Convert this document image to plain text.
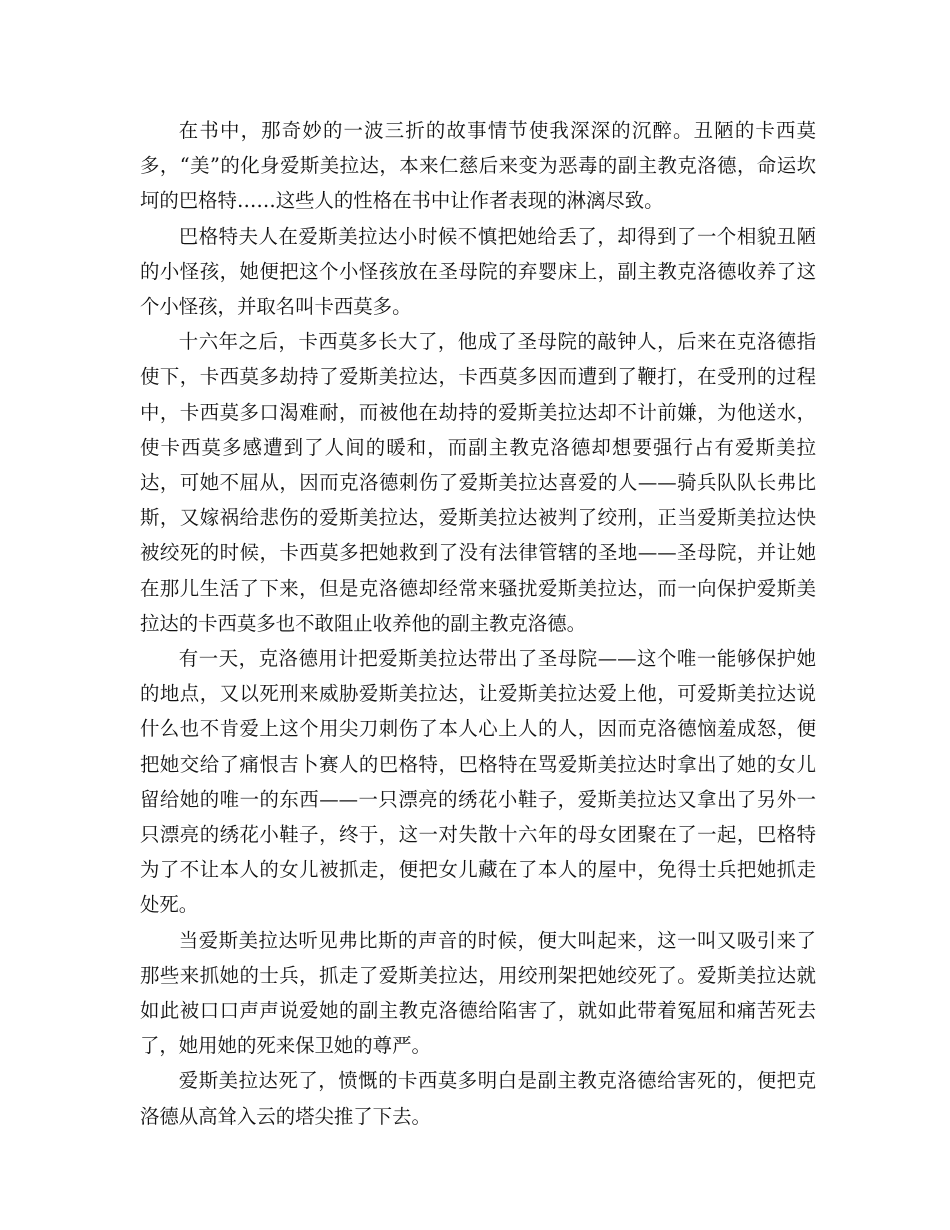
在书中，那奇妙的一波三折的故事情节使我深深的沉醉。丑陋的卡西莫多，“美”的化身爱斯美拉达，本来仁慈后来变为恶毒的副主教克洛德，命运坎坷的巴格特……这些人的性格在书中让作者表现的淋漓尽致。

巴格特夫人在爱斯美拉达小时候不慎把她给丢了，却得到了一个相貌丑陋的小怪孩，她便把这个小怪孩放在圣母院的弃婴床上，副主教克洛德收养了这个小怪孩，并取名叫卡西莫多。

十六年之后，卡西莫多长大了，他成了圣母院的敲钟人，后来在克洛德指使下，卡西莫多劫持了爱斯美拉达，卡西莫多因而遭到了鞭打，在受刑的过程中，卡西莫多口渴难耐，而被他在劫持的爱斯美拉达却不计前嫌，为他送水，使卡西莫多感遭到了人间的暖和，而副主教克洛德却想要强行占有爱斯美拉达，可她不屈从，因而克洛德刺伤了爱斯美拉达喜爱的人——骑兵队队长弗比斯，又嫁祸给悲伤的爱斯美拉达，爱斯美拉达被判了绞刑，正当爱斯美拉达快被绞死的时候，卡西莫多把她救到了没有法律管辖的圣地——圣母院，并让她在那儿生活了下来，但是克洛德却经常来骚扰爱斯美拉达，而一向保护爱斯美拉达的卡西莫多也不敢阻止收养他的副主教克洛德。

有一天，克洛德用计把爱斯美拉达带出了圣母院——这个唯一能够保护她的地点，又以死刑来威胁爱斯美拉达，让爱斯美拉达爱上他，可爱斯美拉达说什么也不肯爱上这个用尖刀刺伤了本人心上人的人，因而克洛德恼羞成怒，便把她交给了痛恨吉卜赛人的巴格特，巴格特在骂爱斯美拉达时拿出了她的女儿留给她的唯一的东西——一只漂亮的绣花小鞋子，爱斯美拉达又拿出了另外一只漂亮的绣花小鞋子，终于，这一对失散十六年的母女团聚在了一起，巴格特为了不让本人的女儿被抓走，便把女儿藏在了本人的屋中，免得士兵把她抓走处死。

当爱斯美拉达听见弗比斯的声音的时候，便大叫起来，这一叫又吸引来了那些来抓她的士兵，抓走了爱斯美拉达，用绞刑架把她绞死了。爱斯美拉达就如此被口口声声说爱她的副主教克洛德给陷害了，就如此带着冤屈和痛苦死去了，她用她的死来保卫她的尊严。

爱斯美拉达死了，愤慨的卡西莫多明白是副主教克洛德给害死的，便把克洛德从高耸入云的塔尖推了下去。
